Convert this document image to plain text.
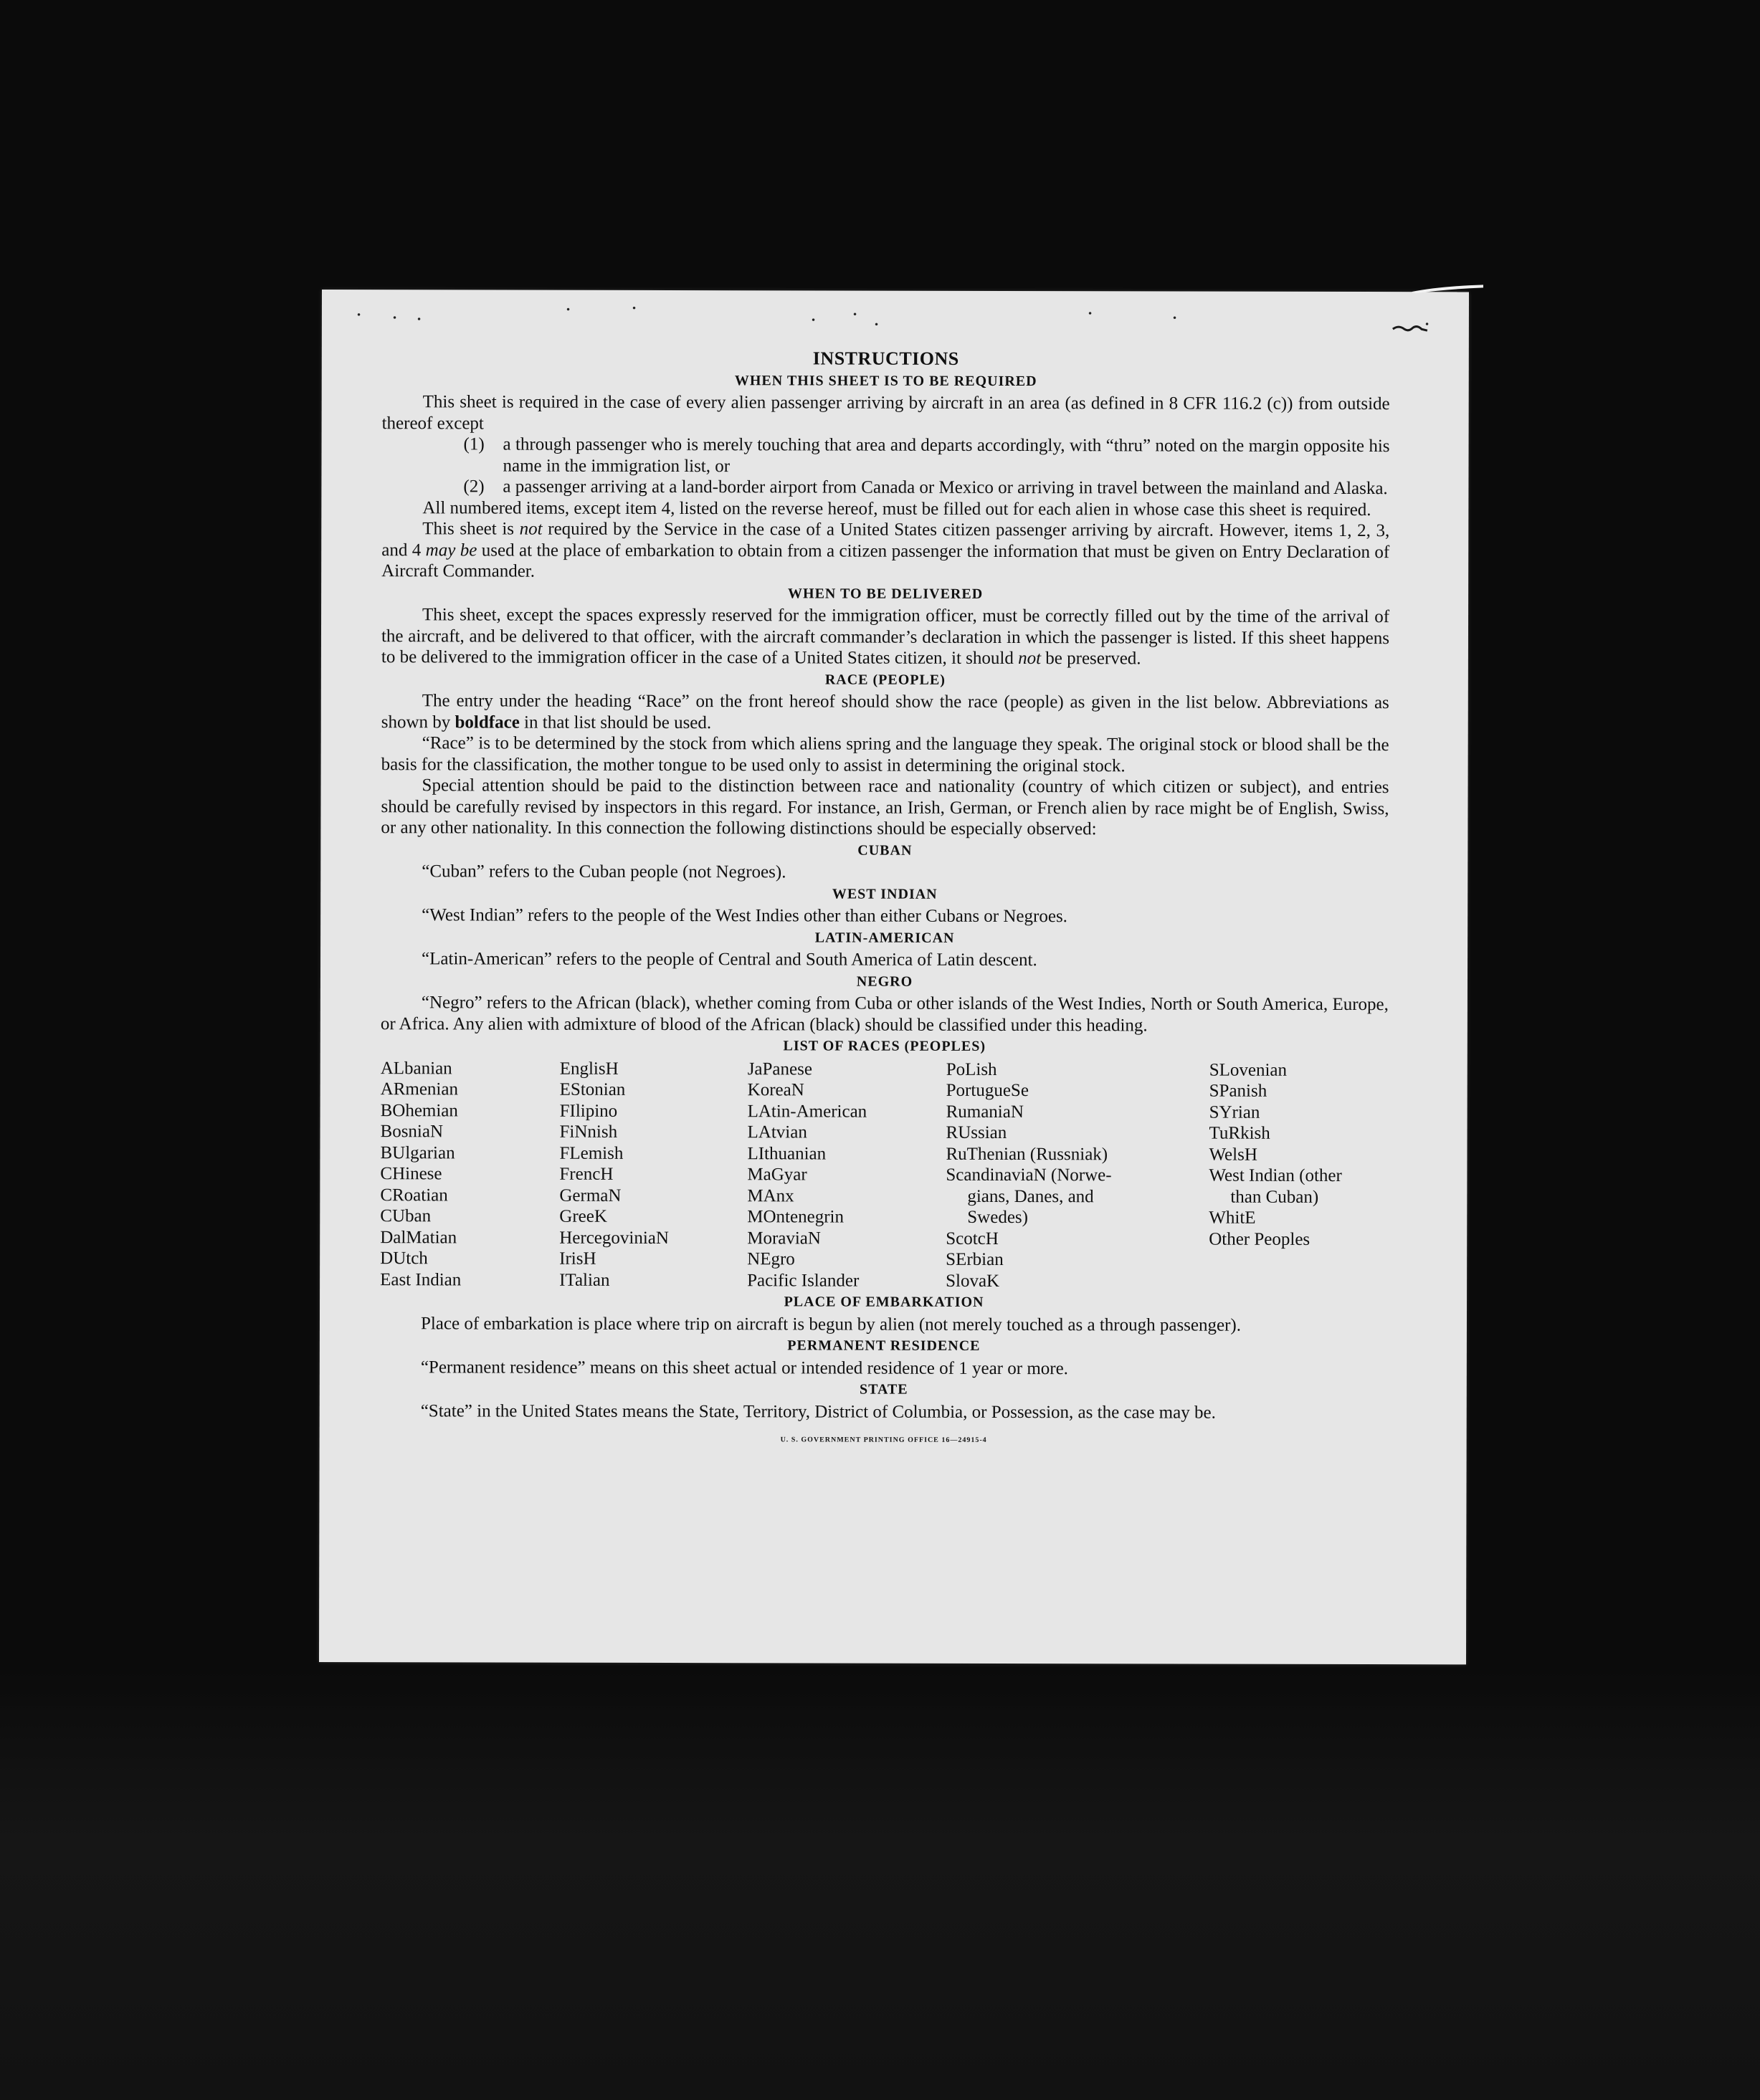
· · ·
·	·
· ·
·
·	·	·
INSTRUCTIONS
WHEN THIS SHEET IS TO BE REQUIRED

This sheet is required in the case of every alien passenger arriving by aircraft in an area (as defined in 8 CFR 116.2 (c)) from outside thereof except

(1)	a through passenger who is merely touching that area and departs accordingly, with “thru” noted on the margin opposite his name in the immigration list, or
(2)	a passenger arriving at a land-border airport from Canada or Mexico or arriving in travel between the mainland and Alaska.

All numbered items, except item 4, listed on the reverse hereof, must be filled out for each alien in whose case this sheet is required.

This sheet is not required by the Service in the case of a United States citizen passenger arriving by aircraft. However, items 1, 2, 3, and 4 may be used at the place of embarkation to obtain from a citizen passenger the information that must be given on Entry Declaration of Aircraft Commander.

WHEN TO BE DELIVERED

This sheet, except the spaces expressly reserved for the immigration officer, must be correctly filled out by the time of the arrival of the aircraft, and be delivered to that officer, with the aircraft commander’s declaration in which the passenger is listed. If this sheet happens to be delivered to the immigration officer in the case of a United States citizen, it should not be preserved.

RACE (PEOPLE)

The entry under the heading “Race” on the front hereof should show the race (people) as given in the list below. Abbreviations as shown by boldface in that list should be used.

“Race” is to be determined by the stock from which aliens spring and the language they speak. The original stock or blood shall be the basis for the classification, the mother tongue to be used only to assist in determining the original stock.

Special attention should be paid to the distinction between race and nationality (country of which citizen or subject), and entries should be carefully revised by inspectors in this regard. For instance, an Irish, German, or French alien by race might be of English, Swiss, or any other nationality. In this connection the following distinctions should be especially observed:

CUBAN

“Cuban” refers to the Cuban people (not Negroes).

WEST INDIAN

“West Indian” refers to the people of the West Indies other than either Cubans or Negroes.

LATIN-AMERICAN

“Latin-American” refers to the people of Central and South America of Latin descent.

NEGRO

“Negro” refers to the African (black), whether coming from Cuba or other islands of the West Indies, North or South America, Europe, or Africa. Any alien with admixture of blood of the African (black) should be classified under this heading.

LIST OF RACES (PEOPLES)
ALbanian
ARmenian
BOhemian
BosniaN
BUlgarian
CHinese
CRoatian
CUban
DalMatian
DUtch
East Indian
EnglisH
EStonian
FIlipino
FiNnish
FLemish
FrencH
GermaN
GreeK
HercegoviniaN
IrisH
ITalian
JaPanese
KoreaN
LAtin-American
LAtvian
LIthuanian
MaGyar
MAnx
MOntenegrin
MoraviaN
NEgro
Pacific Islander
PoLish
PortugueSe
RumaniaN
RUssian
RuThenian (Russniak)
ScandinaviaN (Norwe-
gians, Danes, and
Swedes)
ScotcH
SErbian
SlovaK
SLovenian
SPanish
SYrian
TuRkish
WelsH
West Indian (other
than Cuban)
WhitE
Other Peoples
PLACE OF EMBARKATION

Place of embarkation is place where trip on aircraft is begun by alien (not merely touched as a through passenger).

PERMANENT RESIDENCE

“Permanent residence” means on this sheet actual or intended residence of 1 year or more.

STATE

“State” in the United States means the State, Territory, District of Columbia, or Possession, as the case may be.

U. S. GOVERNMENT PRINTING OFFICE 16—24915-4
